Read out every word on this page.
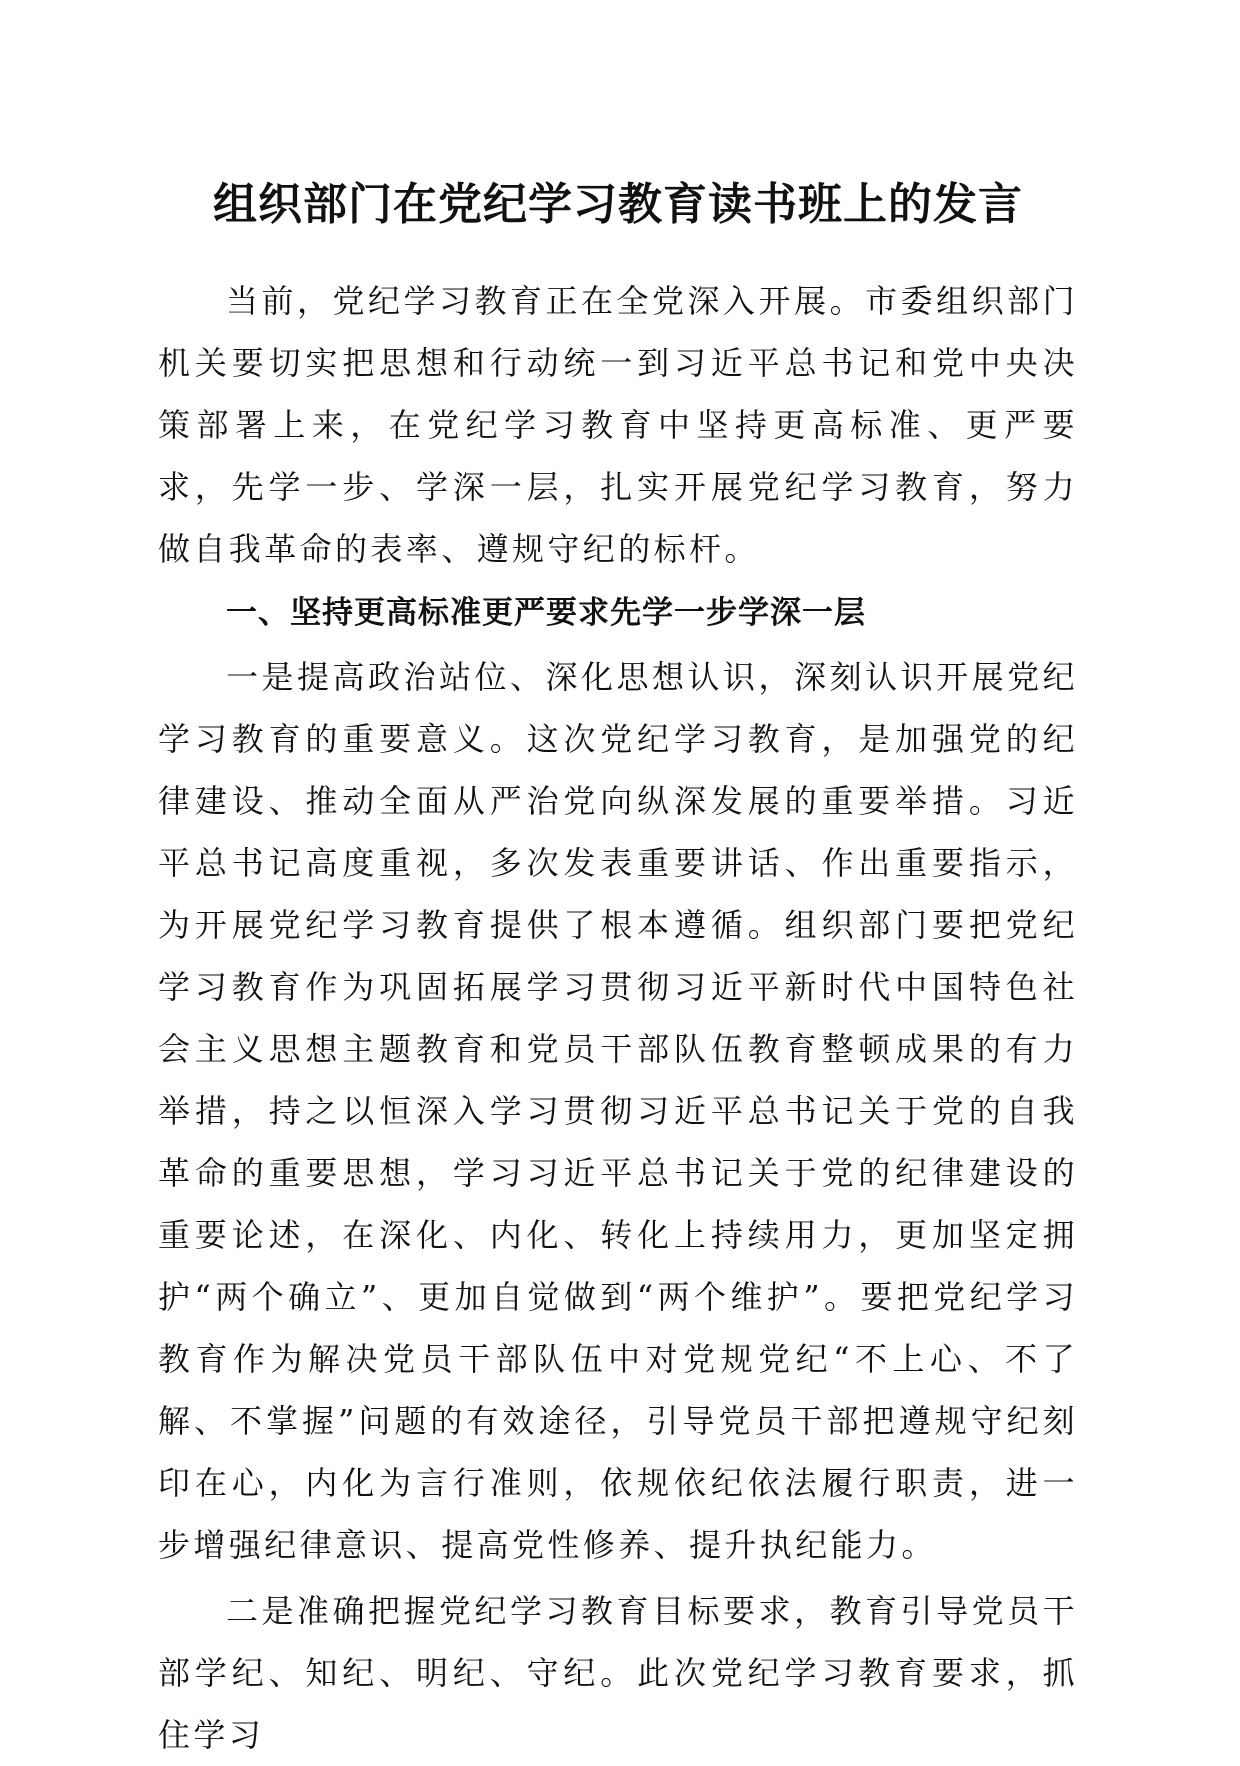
组织部门在党纪学习教育读书班上的发言

当前，党纪学习教育正在全党深入开展。市委组织部门机关要切实把思想和行动统一到习近平总书记和党中央决策部署上来，在党纪学习教育中坚持更高标准、更严要求，先学一步、学深一层，扎实开展党纪学习教育，努力做自我革命的表率、遵规守纪的标杆。

一、坚持更高标准更严要求先学一步学深一层

一是提高政治站位、深化思想认识，深刻认识开展党纪学习教育的重要意义。这次党纪学习教育，是加强党的纪律建设、推动全面从严治党向纵深发展的重要举措。习近平总书记高度重视，多次发表重要讲话、作出重要指示，为开展党纪学习教育提供了根本遵循。组织部门要把党纪学习教育作为巩固拓展学习贯彻习近平新时代中国特色社会主义思想主题教育和党员干部队伍教育整顿成果的有力举措，持之以恒深入学习贯彻习近平总书记关于党的自我革命的重要思想，学习习近平总书记关于党的纪律建设的重要论述，在深化、内化、转化上持续用力，更加坚定拥护“两个确立”、更加自觉做到“两个维护”。要把党纪学习教育作为解决党员干部队伍中对党规党纪“不上心、不了解、不掌握”问题的有效途径，引导党员干部把遵规守纪刻印在心，内化为言行准则，依规依纪依法履行职责，进一步增强纪律意识、提高党性修养、提升执纪能力。

二是准确把握党纪学习教育目标要求，教育引导党员干部学纪、知纪、明纪、守纪。此次党纪学习教育要求，抓住学习
